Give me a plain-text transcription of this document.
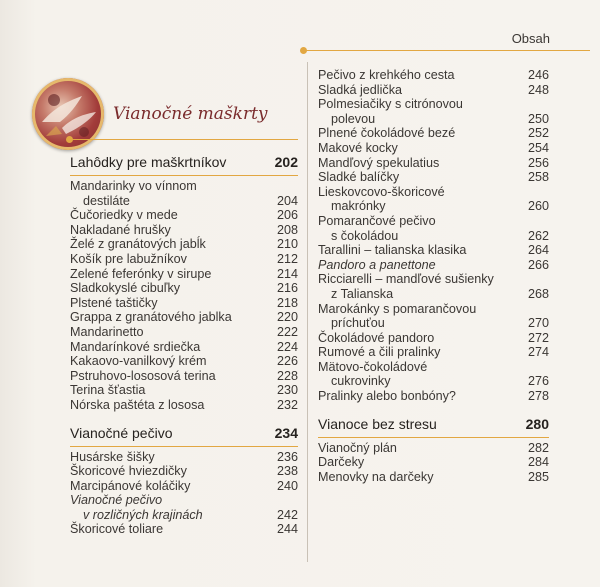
Obsah
Vianočné maškrty
Lahôdky pre maškrtníkov	202
Mandarinky vo vínnom
destiláte	204
Čučoriedky v mede	206
Nakladané hrušky	208
Želé z granátových jabĺk	210
Košík pre labužníkov	212
Zelené feferónky v sirupe	214
Sladkokyslé cibuľky	216
Plstené taštičky	218
Grappa z granátového jablka	220
Mandarinetto	222
Mandarínkové srdiečka	224
Kakaovo-vanilkový krém	226
Pstruhovo-lososová terina	228
Terina šťastia	230
Nórska paštéta z lososa	232
Vianočné pečivo	234
Husárske šišky	236
Škoricové hviezdičky	238
Marcipánové koláčiky	240
Vianočné pečivo
v rozličných krajinách	242
Škoricové toliare	244
Pečivo z krehkého cesta	246
Sladká jedlička	248
Polmesiačiky s citrónovou
polevou	250
Plnené čokoládové bezé	252
Makové kocky	254
Mandľový spekulatius	256
Sladké balíčky	258
Lieskovcovo-škoricové
makrónky	260
Pomarančové pečivo
s čokoládou	262
Tarallini – talianska klasika	264
Pandoro a panettone	266
Ricciarelli – mandľové sušienky
z Talianska	268
Marokánky s pomarančovou
príchuťou	270
Čokoládové pandoro	272
Rumové a čili pralinky	274
Mätovo-čokoládové
cukrovinky	276
Pralinky alebo bonbóny?	278
Vianoce bez stresu	280
Vianočný plán	282
Darčeky	284
Menovky na darčeky	285
